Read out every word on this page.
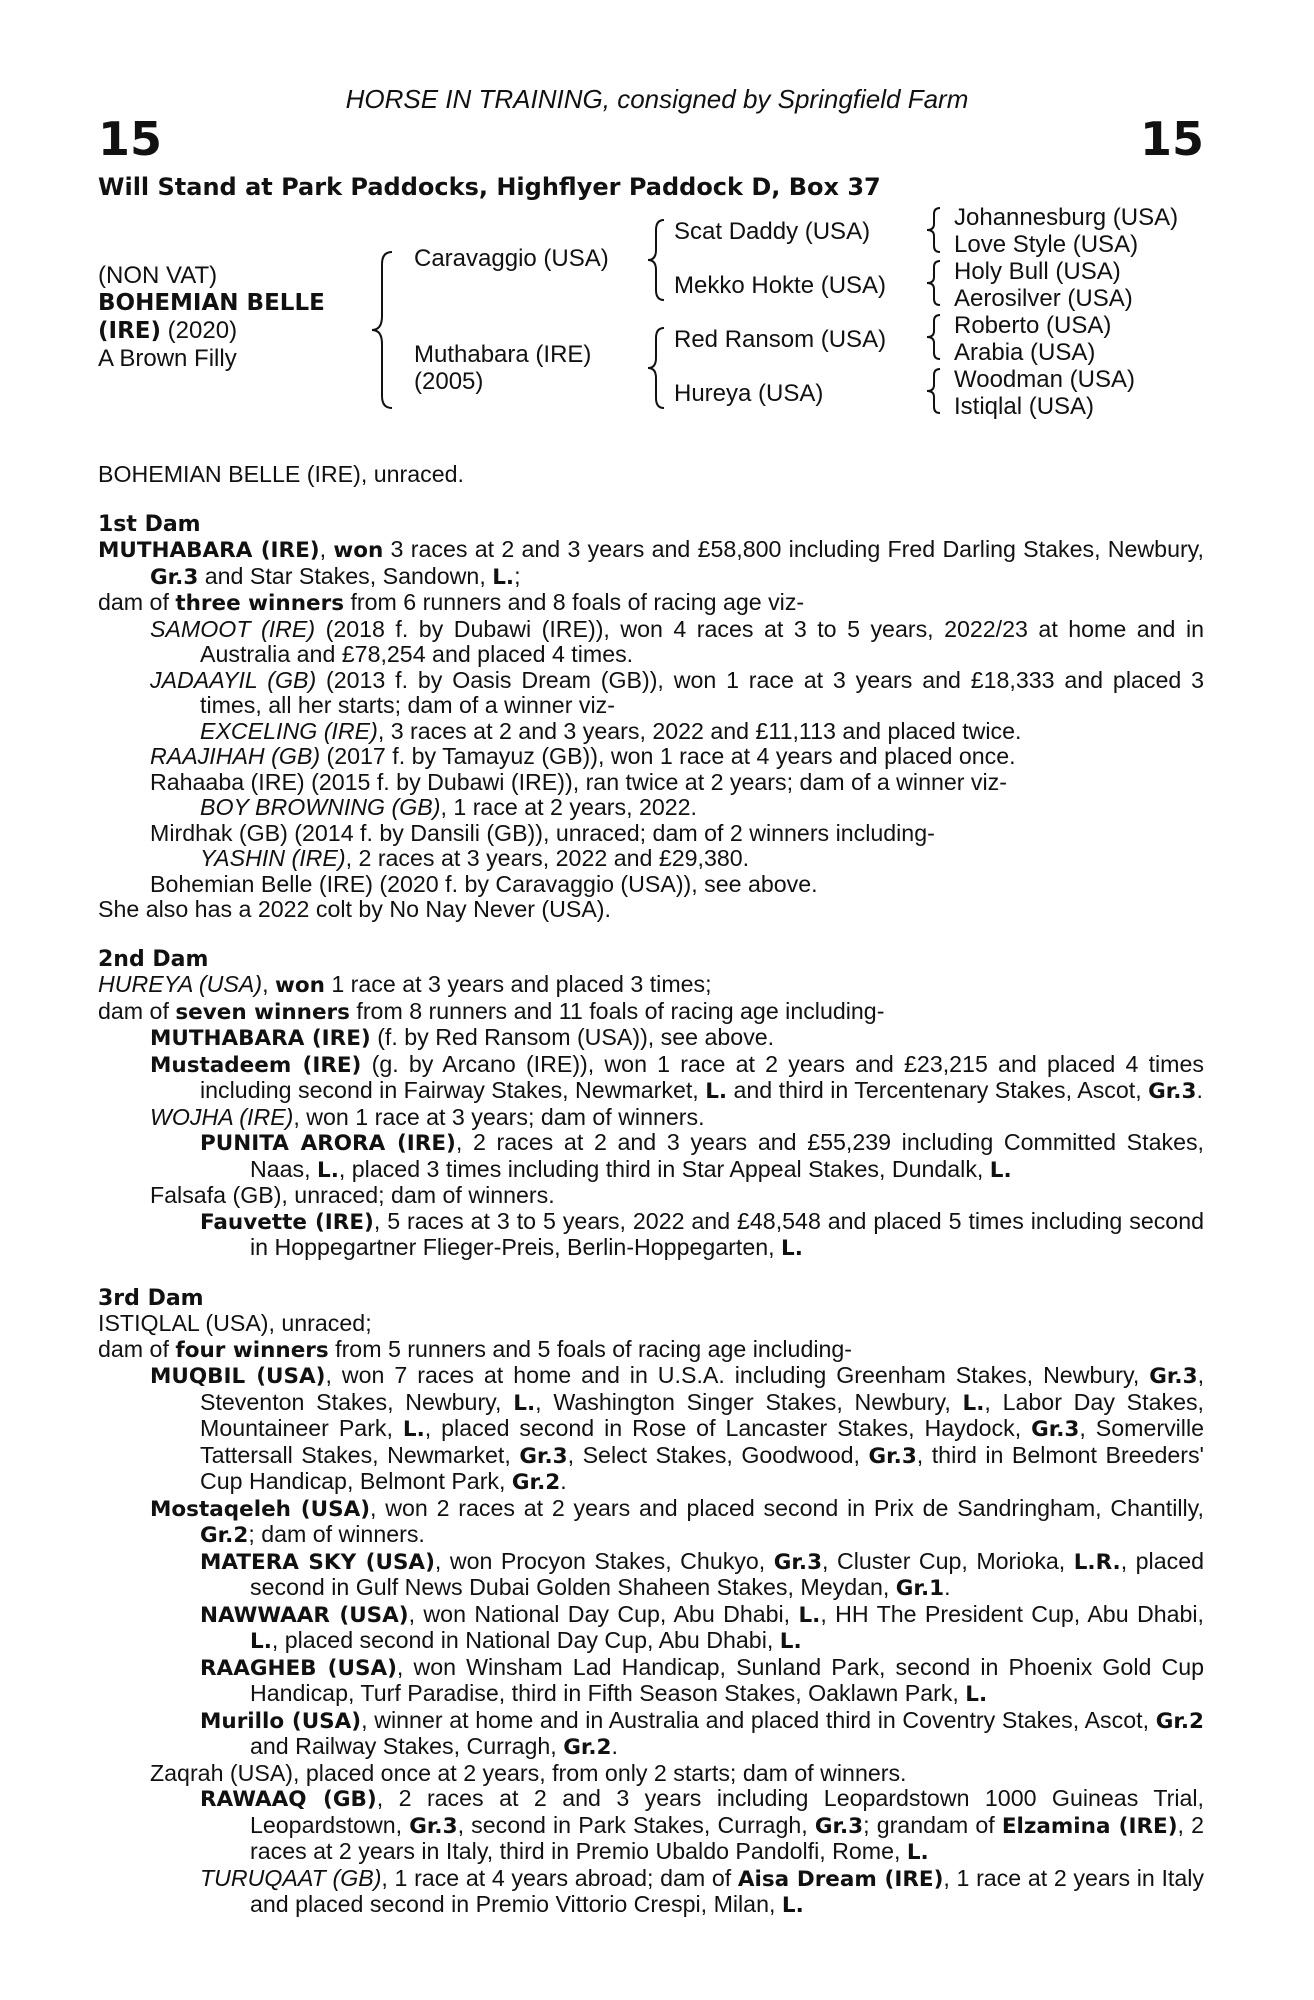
HORSE IN TRAINING, consigned by Springfield Farm
15	15
Will Stand at Park Paddocks, Highflyer Paddock D, Box 37
(NON VAT)
BOHEMIAN BELLE
(IRE) (2020)
A Brown Filly
Caravaggio (USA)
Muthabara (IRE)
(2005)
Scat Daddy (USA)
Mekko Hokte (USA)
Red Ransom (USA)
Hureya (USA)
Johannesburg (USA)
Love Style (USA)
Holy Bull (USA)
Aerosilver (USA)
Roberto (USA)
Arabia (USA)
Woodman (USA)
Istiqlal (USA)

BOHEMIAN BELLE (IRE), unraced.

1st Dam

MUTHABARA (IRE), won 3 races at 2 and 3 years and £58,800 including Fred Darling Stakes, Newbury, Gr.3 and Star Stakes, Sandown, L.;

dam of three winners from 6 runners and 8 foals of racing age viz-

SAMOOT (IRE) (2018 f. by Dubawi (IRE)), won 4 races at 3 to 5 years, 2022/23 at home and in Australia and £78,254 and placed 4 times.

JADAAYIL (GB) (2013 f. by Oasis Dream (GB)), won 1 race at 3 years and £18,333 and placed 3 times, all her starts; dam of a winner viz-

EXCELING (IRE), 3 races at 2 and 3 years, 2022 and £11,113 and placed twice.

RAAJIHAH (GB) (2017 f. by Tamayuz (GB)), won 1 race at 4 years and placed once.

Rahaaba (IRE) (2015 f. by Dubawi (IRE)), ran twice at 2 years; dam of a winner viz-

BOY BROWNING (GB), 1 race at 2 years, 2022.

Mirdhak (GB) (2014 f. by Dansili (GB)), unraced; dam of 2 winners including-

YASHIN (IRE), 2 races at 3 years, 2022 and £29,380.

Bohemian Belle (IRE) (2020 f. by Caravaggio (USA)), see above.

She also has a 2022 colt by No Nay Never (USA).

2nd Dam

HUREYA (USA), won 1 race at 3 years and placed 3 times;

dam of seven winners from 8 runners and 11 foals of racing age including-

MUTHABARA (IRE) (f. by Red Ransom (USA)), see above.

Mustadeem (IRE) (g. by Arcano (IRE)), won 1 race at 2 years and £23,215 and placed 4 times including second in Fairway Stakes, Newmarket, L. and third in Tercentenary Stakes, Ascot, Gr.3.

WOJHA (IRE), won 1 race at 3 years; dam of winners.

PUNITA ARORA (IRE), 2 races at 2 and 3 years and £55,239 including Committed Stakes, Naas, L., placed 3 times including third in Star Appeal Stakes, Dundalk, L.

Falsafa (GB), unraced; dam of winners.

Fauvette (IRE), 5 races at 3 to 5 years, 2022 and £48,548 and placed 5 times including second in Hoppegartner Flieger-Preis, Berlin-Hoppegarten, L.

3rd Dam

ISTIQLAL (USA), unraced;

dam of four winners from 5 runners and 5 foals of racing age including-

MUQBIL (USA), won 7 races at home and in U.S.A. including Greenham Stakes, Newbury, Gr.3, Steventon Stakes, Newbury, L., Washington Singer Stakes, Newbury, L., Labor Day Stakes, Mountaineer Park, L., placed second in Rose of Lancaster Stakes, Haydock, Gr.3, Somerville Tattersall Stakes, Newmarket, Gr.3, Select Stakes, Goodwood, Gr.3, third in Belmont Breeders' Cup Handicap, Belmont Park, Gr.2.

Mostaqeleh (USA), won 2 races at 2 years and placed second in Prix de Sandringham, Chantilly, Gr.2; dam of winners.

MATERA SKY (USA), won Procyon Stakes, Chukyo, Gr.3, Cluster Cup, Morioka, L.R., placed second in Gulf News Dubai Golden Shaheen Stakes, Meydan, Gr.1.

NAWWAAR (USA), won National Day Cup, Abu Dhabi, L., HH The President Cup, Abu Dhabi, L., placed second in National Day Cup, Abu Dhabi, L.

RAAGHEB (USA), won Winsham Lad Handicap, Sunland Park, second in Phoenix Gold Cup Handicap, Turf Paradise, third in Fifth Season Stakes, Oaklawn Park, L.

Murillo (USA), winner at home and in Australia and placed third in Coventry Stakes, Ascot, Gr.2 and Railway Stakes, Curragh, Gr.2.

Zaqrah (USA), placed once at 2 years, from only 2 starts; dam of winners.

RAWAAQ (GB), 2 races at 2 and 3 years including Leopardstown 1000 Guineas Trial, Leopardstown, Gr.3, second in Park Stakes, Curragh, Gr.3; grandam of Elzamina (IRE), 2 races at 2 years in Italy, third in Premio Ubaldo Pandolfi, Rome, L.

TURUQAAT (GB), 1 race at 4 years abroad; dam of Aisa Dream (IRE), 1 race at 2 years in Italy and placed second in Premio Vittorio Crespi, Milan, L.
